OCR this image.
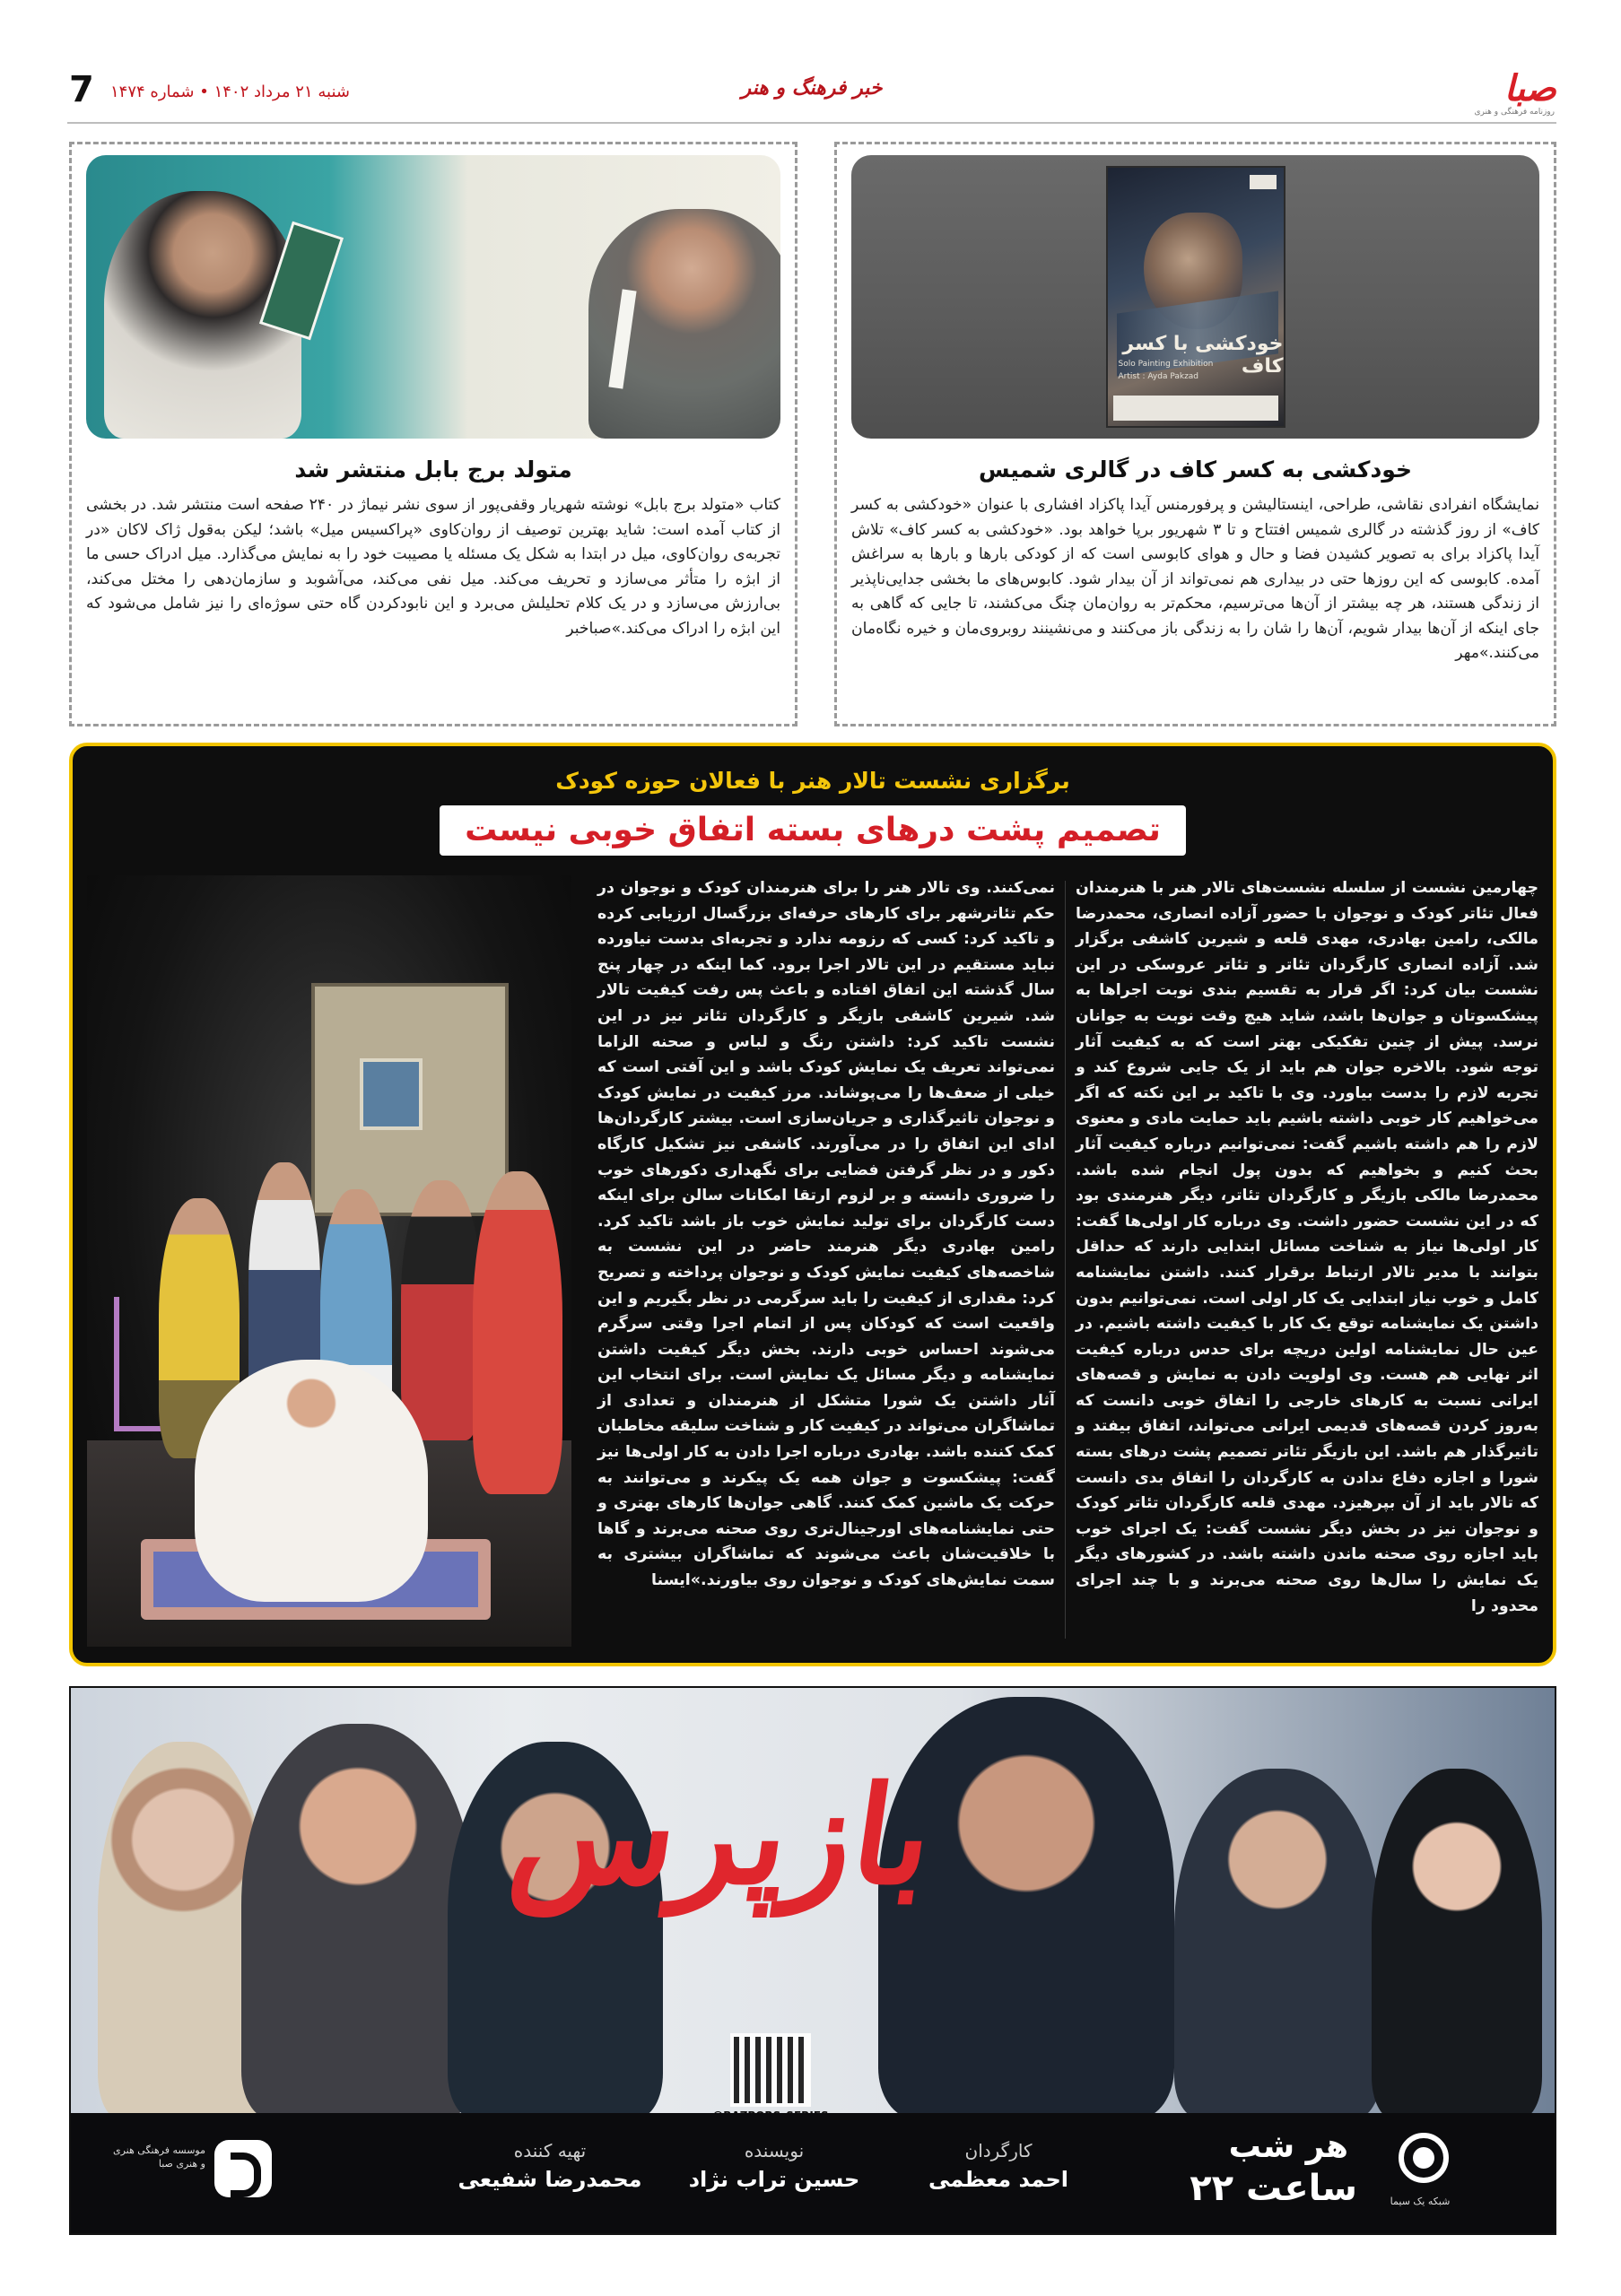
صبا
روزنامه فرهنگی و هنری
خبر فرهنگ و هنر
شنبه ۲۱ مرداد ۱۴۰۲ • شماره ۱۴۷۴
7
خودکشی با کسر کاف
Solo Painting Exhibition
Artist : Ayda Pakzad
خودکشی به کسر کاف در گالری شمیس
نمایشگاه انفرادی نقاشی، طراحی، اینستالیشن و پرفورمنس آیدا پاکزاد افشاری با عنوان «خودکشی به کسر کاف» از روز گذشته در گالری شمیس افتتاح و تا ۳ شهریور برپا خواهد بود. «خودکشی به کسر کاف» تلاش آیدا پاکزاد برای به تصویر کشیدن فضا و حال و هوای کابوسی است که از کودکی بارها و بارها به سراغش آمده. کابوسی که این روزها حتی در بیداری هم نمی‌تواند از آن بیدار شود. کابوس‌های ما بخشی جدایی‌ناپذیر از زندگی هستند، هر چه بیشتر از آن‌ها می‌ترسیم، محکم‌تر به روان‌مان چنگ می‌کشند، تا جایی که گاهی به جای اینکه از آن‌ها بیدار شویم، آن‌ها را شان را به زندگی باز می‌کنند و می‌نشینند روبروی‌مان و خیره نگاه‌مان می‌کنند.»مهر
متولد برج بابل منتشر شد
کتاب «متولد برج بابل» نوشته شهریار وقفی‌پور از سوی نشر نیماژ در ۲۴۰ صفحه است منتشر شد. در بخشی از کتاب آمده است: شاید بهترین توصیف از روان‌کاوی «پراکسیس میل» باشد؛ لیکن به‌قول ژاک لاکان «در تجربه‌ی روان‌کاوی، میل در ابتدا به شکل یک مسئله یا مصیبت خود را به نمایش می‌گذارد. میل ادراک حسی ما از ابژه را متأثر می‌سازد و تحریف می‌کند. میل نفی می‌کند، می‌آشوبد و سازمان‌دهی را مختل می‌کند، بی‌ارزش می‌سازد و در یک کلام تحلیلش می‌برد و این نابودکردن گاه حتی سوژه‌ای را نیز شامل می‌شود که این ابژه را ادراک می‌کند.»صباخبر
برگزاری نشست تالار هنر با فعالان حوزه کودک
تصمیم پشت درهای بسته اتفاق خوبی نیست
چهارمین نشست از سلسله نشست‌های تالار هنر با هنرمندان فعال تئاتر کودک و نوجوان با حضور آزاده انصاری، محمدرضا مالکی، رامین بهادری، مهدی قلعه و شیرین کاشفی برگزار شد. آزاده انصاری کارگردان تئاتر و تئاتر عروسکی در این نشست بیان کرد: اگر قرار به تقسیم بندی نوبت اجراها به پیشکسوتان و جوان‌ها باشد، شاید هیچ وقت نوبت به جوانان نرسد. پیش از چنین تفکیکی بهتر است که به کیفیت آثار توجه شود. بالاخره جوان هم باید از یک جایی شروع کند و تجربه لازم را بدست بیاورد. وی با تاکید بر این نکته که اگر می‌خواهیم کار خوبی داشته باشیم باید حمایت مادی و معنوی لازم را هم داشته باشیم گفت: نمی‌توانیم درباره کیفیت آثار بحث کنیم و بخواهیم که بدون پول انجام شده باشد. محمدرضا مالکی بازیگر و کارگردان تئاتر، دیگر هنرمندی بود که در این نشست حضور داشت. وی درباره کار اولی‌ها گفت: کار اولی‌ها نیاز به شناخت مسائل ابتدایی دارند که حداقل بتوانند با مدیر تالار ارتباط برقرار کنند. داشتن نمایشنامه کامل و خوب نیاز ابتدایی یک کار اولی است. نمی‌توانیم بدون داشتن یک نمایشنامه توقع یک کار با کیفیت داشته باشیم. در عین حال نمایشنامه اولین دریچه برای حدس درباره کیفیت اثر نهایی هم هست. وی اولویت دادن به نمایش و قصه‌های ایرانی نسبت به کارهای خارجی را اتفاق خوبی دانست که به‌روز کردن قصه‌های قدیمی ایرانی می‌تواند، اتفاق بیفتد و تاثیرگذار هم باشد. این بازیگر تئاتر تصمیم پشت درهای بسته شورا و اجازه دفاع ندادن به کارگردان را اتفاق بدی دانست که تالار باید از آن بپرهیزد. مهدی قلعه کارگردان تئاتر کودک و نوجوان نیز در بخش دیگر نشست گفت: یک اجرای خوب باید اجازه روی صحنه ماندن داشته باشد. در کشورهای دیگر یک نمایش را سال‌ها روی صحنه می‌برند و با چند اجرای محدود را
نمی‌کنند. وی تالار هنر را برای هنرمندان کودک و نوجوان در حکم تئاترشهر برای کارهای حرفه‌ای بزرگسال ارزیابی کرده و تاکید کرد: کسی که رزومه ندارد و تجربه‌ای بدست نیاورده نباید مستقیم در این تالار اجرا برود. کما اینکه در چهار پنج سال گذشته این اتفاق افتاده و باعث پس رفت کیفیت تالار شد. شیرین کاشفی بازیگر و کارگردان تئاتر نیز در این نشست تاکید کرد: داشتن رنگ و لباس و صحنه الزاما نمی‌تواند تعریف یک نمایش کودک باشد و این آفتی است که خیلی از ضعف‌ها را می‌پوشاند. مرز کیفیت در نمایش کودک و نوجوان تاثیرگذاری و جریان‌سازی است. بیشتر کارگردان‌ها ادای این اتفاق را در می‌آورند. کاشفی نیز تشکیل کارگاه دکور و در نظر گرفتن فضایی برای نگهداری دکورهای خوب را ضروری دانسته و بر لزوم ارتقا امکانات سالن برای اینکه دست کارگردان برای تولید نمایش خوب باز باشد تاکید کرد. رامین بهادری دیگر هنرمند حاضر در این نشست به شاخصه‌های کیفیت نمایش کودک و نوجوان پرداخته و تصریح کرد: مقداری از کیفیت را باید سرگرمی در نظر بگیریم و این واقعیت است که کودکان پس از اتمام اجرا وقتی سرگرم می‌شوند احساس خوبی دارند. بخش دیگر کیفیت داشتن نمایشنامه و دیگر مسائل یک نمایش است. برای انتخاب این آثار داشتن یک شورا متشکل از هنرمندان و تعدادی از تماشاگران می‌تواند در کیفیت کار و شناخت سلیقه مخاطبان کمک کننده باشد. بهادری درباره اجرا دادن به کار اولی‌ها نیز گفت: پیشکسوت و جوان همه یک پیکرند و می‌توانند به حرکت یک ماشین کمک کنند. گاهی جوان‌ها کارهای بهتری و حتی نمایشنامه‌های اورجینال‌تری روی صحنه می‌برند و گاها با خلاقیت‌شان باعث می‌شوند که تماشاگران بیشتری به سمت نمایش‌های کودک و نوجوان روی بیاورند.»ایسنا
بازپرس
شبکه یک سیما
هر شب
ساعت ۲۲
کارگردان
احمد معظمی
نویسنده
حسین تراب نژاد
تهیه کننده
محمدرضا شفیعی
موسسه فرهنگی هنری و هنری صبا
